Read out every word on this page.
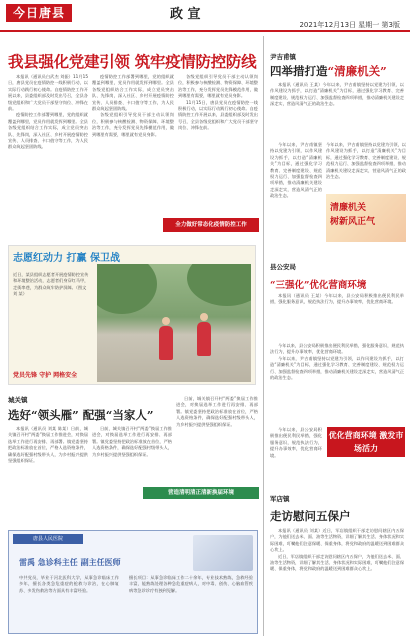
今日唐县	政 宣
2021年12月13日 星期一 第3版
我县强化党建引领 筑牢疫情防控防线

本报讯（通讯员白武杰 刘振）11月15日，唐县党员在疫情防控一线积极行动，以实际行动践行初心使命。自疫情防控工作开展以来，县委组织部及时发出号召，全县各级党组织和广大党员干部坚守岗位、冲锋在前。

疫情防控工作部署到哪里，党的组织就覆盖到哪里，党员作用就发挥到哪里。全县各级党组织结合工作实际，成立党员突击队、先锋岗，深入社区、乡村开展疫情防控宣传、人员排查、卡口值守等工作，为人民群众筑起坚固防线。

疫情防控工作部署到哪里，党的组织就覆盖到哪里，党员作用就发挥到哪里。全县各级党组织结合工作实际，成立党员突击队、先锋岗，深入社区、乡村开展疫情防控宣传、人员排查、卡口值守等工作，为人民群众筑起坚固防线。

各级党组织引导党员干部主动认领岗位，积极参与核酸检测、物资保障、环境整治等工作，充分发挥党员先锋模范作用，做到哪里有需要，哪里就有党员身影。

各级党组织引导党员干部主动认领岗位，积极参与核酸检测、物资保障、环境整治等工作，充分发挥党员先锋模范作用，做到哪里有需要，哪里就有党员身影。

11月15日，唐县党员在疫情防控一线积极行动，以实际行动践行初心使命。自疫情防控工作开展以来，县委组织部及时发出号召，全县各级党组织和广大党员干部坚守岗位、冲锋在前。

全力做好常态化疫情防控工作
志愿红动力 打赢 保卫战
近日，某县组织志愿者开展疫情防控宣传和环境整治活动，志愿者们身穿红马甲，走街串巷，为群众筑牢防护屏障。（图文 刘 某）
党员先锋 守护 网格安全
城关镇
选好“领头雁” 配强“当家人”

本报讯（通讯员 刘某 陈某）日前，城关镇召开村“两委”换届工作推进会，对换届选举工作进行再安排、再部署。镇党委坚持把政治标准放在首位，严格人选资格条件，确保选好配强村级带头人，为乡村振兴提供坚强组织保证。

日前，城关镇召开村“两委”换届工作推进会，对换届选举工作进行再安排、再部署。镇党委坚持把政治标准放在首位，严格人选资格条件，确保选好配强村级带头人，为乡村振兴提供坚强组织保证。

日前，城关镇召开村“两委”换届工作推进会，对换届选举工作进行再安排、再部署。镇党委坚持把政治标准放在首位，严格人选资格条件，确保选好配强村级带头人，为乡村振兴提供坚强组织保证。

营造清明清正清新换届环境
唐县人民医院
雷禹 急诊科主任 副主任医师
中共党员，毕业于河北医科大学，从事急诊临床工作多年，擅长各类急危重症的抢救与诊治，在心肺复苏、多发伤救治等方面具有丰富经验。
擅长项目：从事急诊临床工作二十余年，专业技术熟练，急救经验丰富，能熟练处理各种急危重症病人，对中毒、创伤、心脑血管疾病等急诊诊疗有独到见解。
尹吉甫镇
四举措打造“清廉机关”

本报讯（通讯员 王某）今年以来，尹吉甫镇坚持以党建为引领，以作风建设为抓手，以打造“清廉机关”为目标，通过强化学习教育、完善制度建设、规范权力运行、加强监督检查四项举措，推动清廉机关建设走深走实，营造风清气正的政治生态。

今年以来，尹吉甫镇坚持以党建为引领，以作风建设为抓手，以打造“清廉机关”为目标，通过强化学习教育、完善制度建设、规范权力运行、加强监督检查四项举措，推动清廉机关建设走深走实，营造风清气正的政治生态。

今年以来，尹吉甫镇坚持以党建为引领，以作风建设为抓手，以打造“清廉机关”为目标，通过强化学习教育、完善制度建设、规范权力运行、加强监督检查四项举措，推动清廉机关建设走深走实，营造风清气正的政治生态。
清廉机关
树新风正气
县公安局
“三强化”优化营商环境

本报讯（通讯员 王某）今年以来，县公安局积极推出便民利民举措，强化服务意识，规范执法行为，提升办事效率，优化营商环境。

今年以来，县公安局积极推出便民利民举措，强化服务意识，规范执法行为，提升办事效率，优化营商环境。

今年以来，尹吉甫镇坚持以党建为引领，以作风建设为抓手，以打造“清廉机关”为目标，通过强化学习教育、完善制度建设、规范权力运行、加强监督检查四项举措，推动清廉机关建设走深走实，营造风清气正的政治生态。

优化营商环境 激发市场活力

今年以来，县公安局积极推出便民利民举措，强化服务意识，规范执法行为，提升办事效率，优化营商环境。

军店镇
走访慰问五保户

本报讯（通讯员 刘某）近日，军店镇组织干部走访慰问辖区内五保户，为他们送去米、面、油等生活物资，详细了解其生活、身体状况和实际困难，叮嘱他们注意保暖、保重身体，将党和政府的温暖送到困难群众心坎上。

近日，军店镇组织干部走访慰问辖区内五保户，为他们送去米、面、油等生活物资，详细了解其生活、身体状况和实际困难，叮嘱他们注意保暖、保重身体，将党和政府的温暖送到困难群众心坎上。
